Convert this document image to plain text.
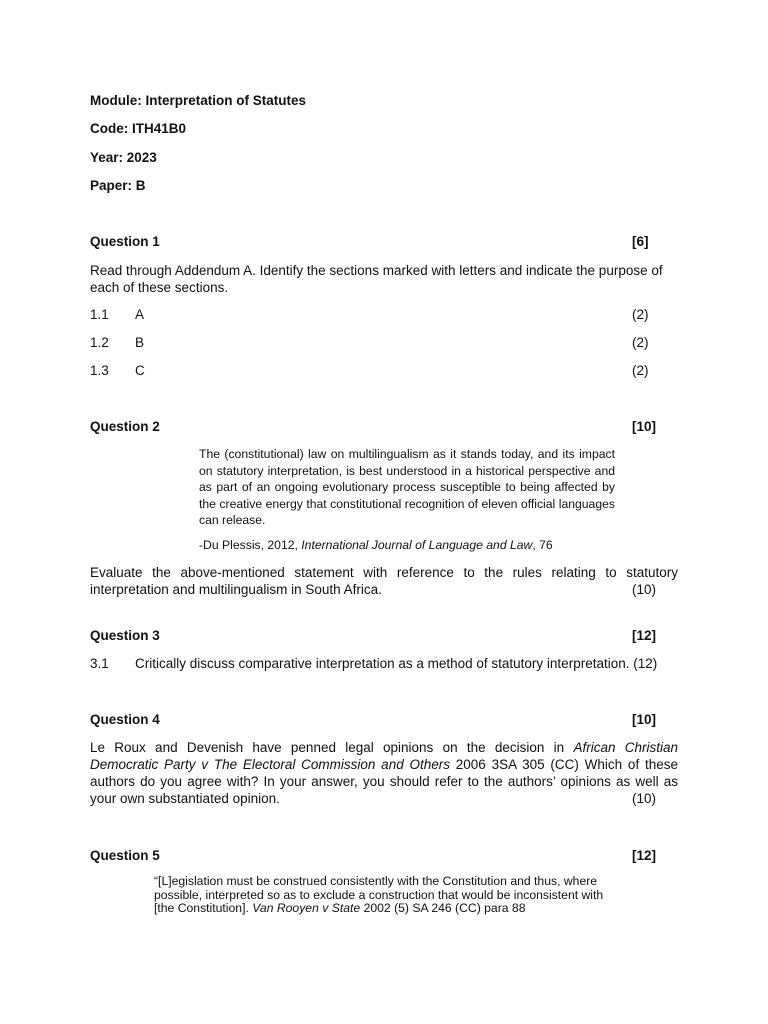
Module: Interpretation of Statutes
Code: ITH41B0
Year: 2023
Paper: B
Question 1	[6]
Read through Addendum A. Identify the sections marked with letters and indicate the purpose of each of these sections.
1.1 A	(2)
1.2 B	(2)
1.3 C	(2)
Question 2	[10]
The (constitutional) law on multilingualism as it stands today, and its impact on statutory interpretation, is best understood in a historical perspective and as part of an ongoing evolutionary process susceptible to being affected by the creative energy that constitutional recognition of eleven official languages can release.
-Du Plessis, 2012, International Journal of Language and Law, 76
Evaluate the above-mentioned statement with reference to the rules relating to statutory interpretation and multilingualism in South Africa.	(10)
Question 3	[12]
3.1 Critically discuss comparative interpretation as a method of statutory interpretation. (12)
Question 4	[10]
Le Roux and Devenish have penned legal opinions on the decision in African Christian Democratic Party v The Electoral Commission and Others 2006 3SA 305 (CC) Which of these authors do you agree with? In your answer, you should refer to the authors’ opinions as well as your own substantiated opinion.	(10)
Question 5	[12]
“[L]egislation must be construed consistently with the Constitution and thus, where possible, interpreted so as to exclude a construction that would be inconsistent with [the Constitution]. Van Rooyen v State 2002 (5) SA 246 (CC) para 88
